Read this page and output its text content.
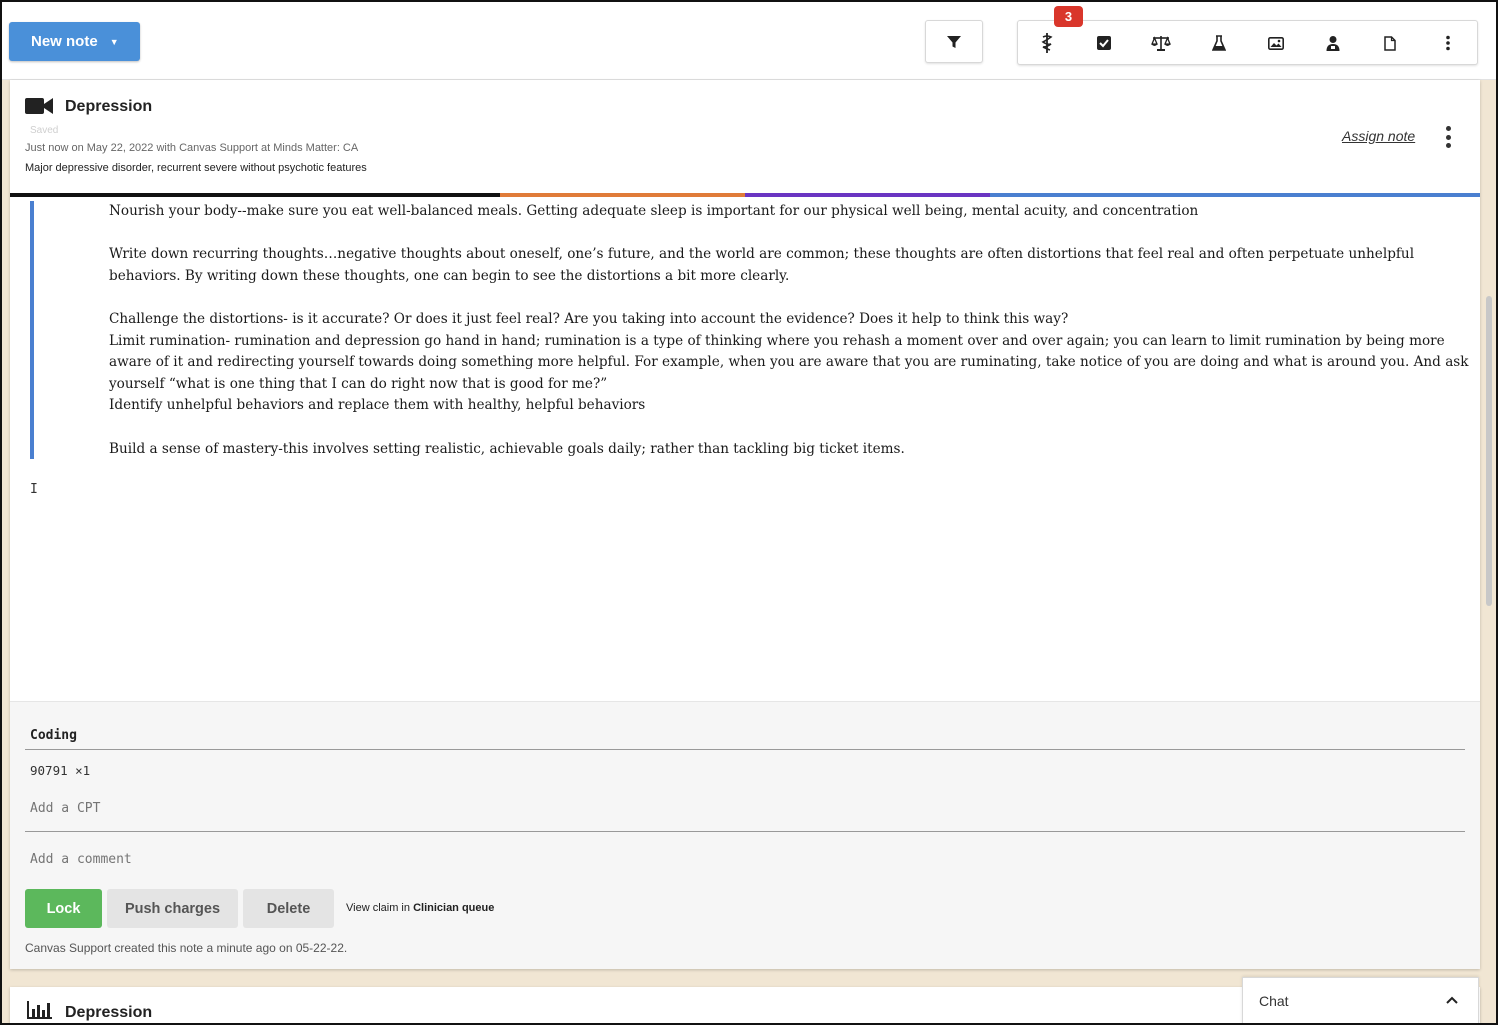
New note ▼
3
Depression
Saved
Just now on May 22, 2022 with Canvas Support at Minds Matter: CA
Major depressive disorder, recurrent severe without psychotic features
Assign note

Nourish your body--make sure you eat well-balanced meals. Getting adequate sleep is important for our physical well being, mental acuity, and concentration

Write down recurring thoughts…negative thoughts about oneself, one’s future, and the world are common; these thoughts are often distortions that feel real and often perpetuate unhelpful behaviors. By writing down these thoughts, one can begin to see the distortions a bit more clearly.

Challenge the distortions- is it accurate? Or does it just feel real? Are you taking into account the evidence? Does it help to think this way?

Limit rumination- rumination and depression go hand in hand; rumination is a type of thinking where you rehash a moment over and over again; you can learn to limit rumination by being more aware of it and redirecting yourself towards doing something more helpful. For example, when you are aware that you are ruminating, take notice of you are doing and what is around you. And ask yourself “what is one thing that I can do right now that is good for me?”

Identify unhelpful behaviors and replace them with healthy, helpful behaviors

Build a sense of mastery-this involves setting realistic, achievable goals daily; rather than tackling big ticket items.

I
Coding
90791 ×1
Add a CPT
Add a comment
Lock	Push charges	Delete	View claim in Clinician queue
Canvas Support created this note a minute ago on 05-22-22.
Depression
Chat
